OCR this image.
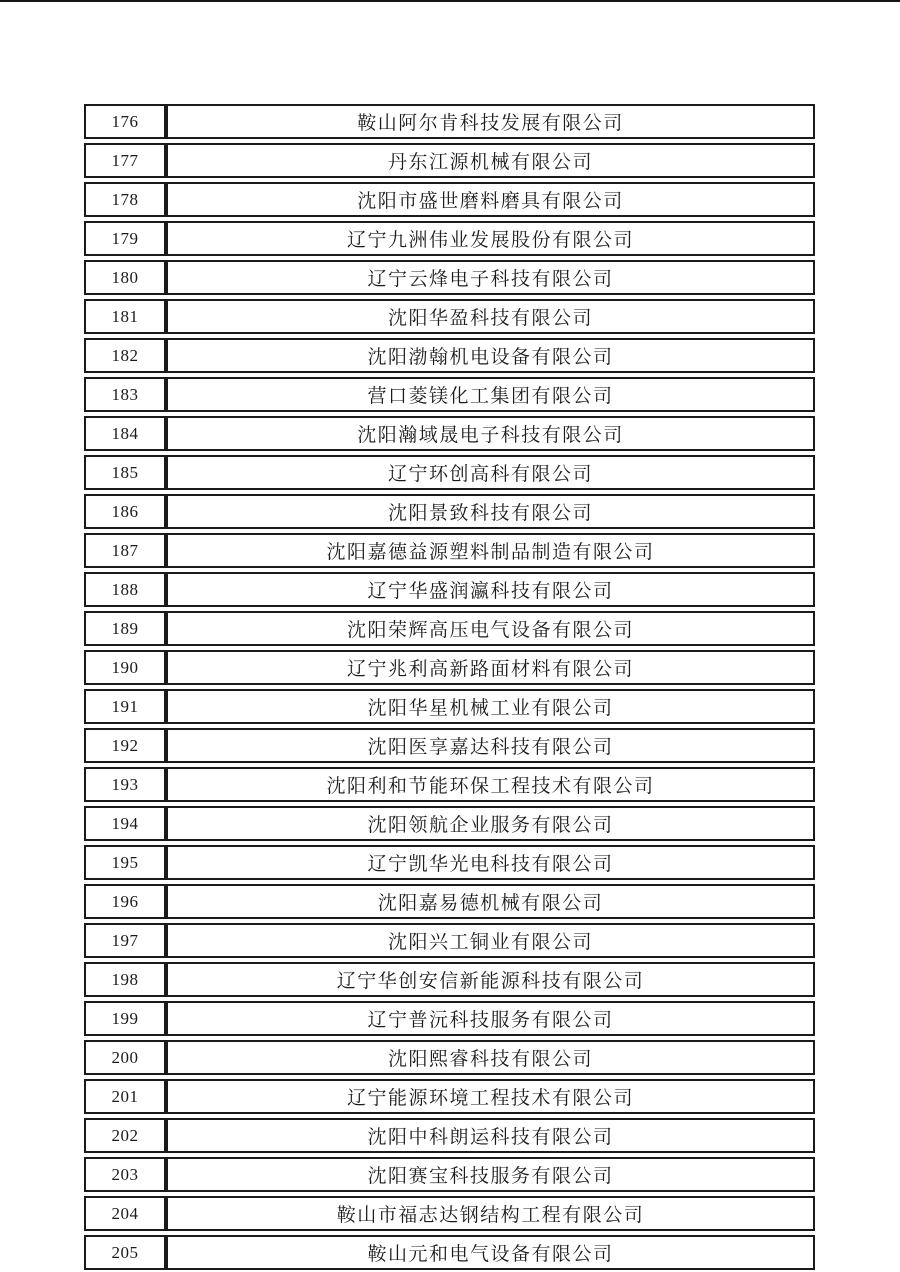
176	鞍山阿尔肯科技发展有限公司
177	丹东江源机械有限公司
178	沈阳市盛世磨料磨具有限公司
179	辽宁九洲伟业发展股份有限公司
180	辽宁云烽电子科技有限公司
181	沈阳华盈科技有限公司
182	沈阳渤翰机电设备有限公司
183	营口菱镁化工集团有限公司
184	沈阳瀚域晟电子科技有限公司
185	辽宁环创高科有限公司
186	沈阳景致科技有限公司
187	沈阳嘉德益源塑料制品制造有限公司
188	辽宁华盛润瀛科技有限公司
189	沈阳荣辉高压电气设备有限公司
190	辽宁兆利高新路面材料有限公司
191	沈阳华星机械工业有限公司
192	沈阳医享嘉达科技有限公司
193	沈阳利和节能环保工程技术有限公司
194	沈阳领航企业服务有限公司
195	辽宁凯华光电科技有限公司
196	沈阳嘉易德机械有限公司
197	沈阳兴工铜业有限公司
198	辽宁华创安信新能源科技有限公司
199	辽宁普沅科技服务有限公司
200	沈阳熙睿科技有限公司
201	辽宁能源环境工程技术有限公司
202	沈阳中科朗运科技有限公司
203	沈阳赛宝科技服务有限公司
204	鞍山市福志达钢结构工程有限公司
205	鞍山元和电气设备有限公司
